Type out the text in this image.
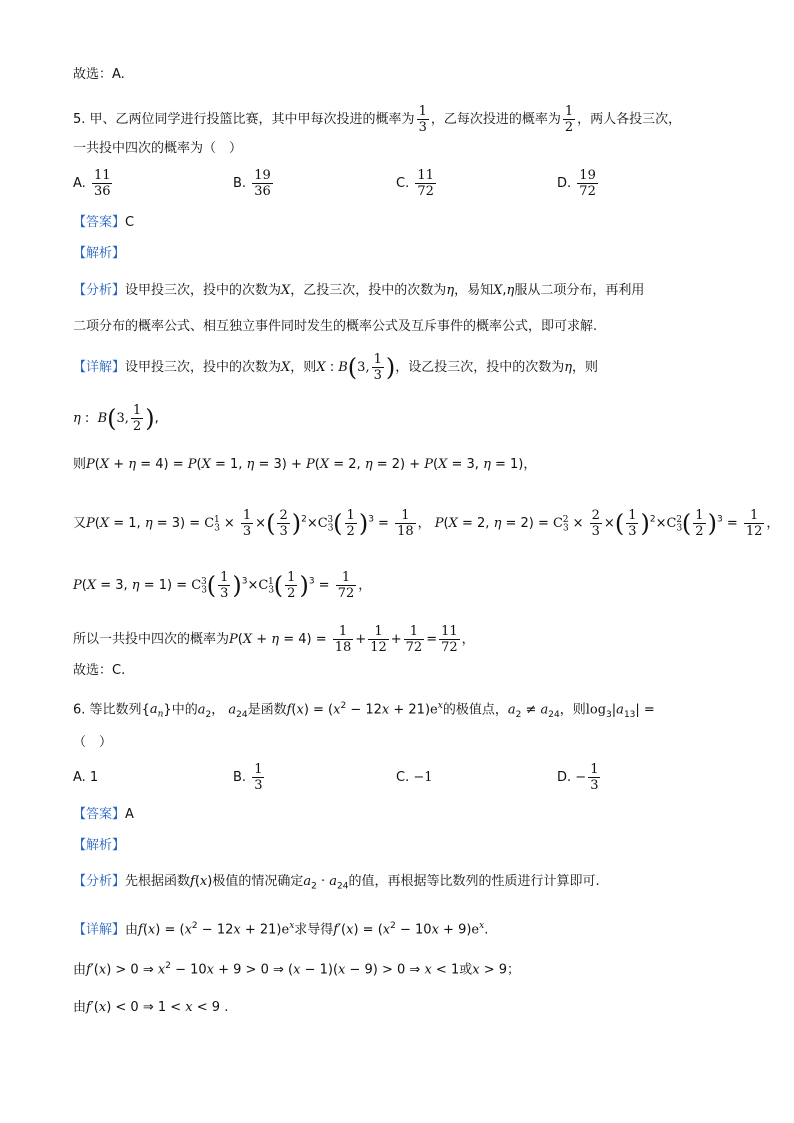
故选：A.
5. 甲、乙两位同学进行投篮比赛，其中甲每次投进的概率为 $\frac{1}{3}$ ，乙每次投进的概率为 $\frac{1}{2}$ ，两人各投三次，
一共投中四次的概率为（　）
A. $\frac{11}{36}$	B. $\frac{19}{36}$	C. $\frac{11}{72}$	D. $\frac{19}{72}$
【答案】C
【解析】
【分析】设甲投三次，投中的次数为X，乙投三次，投中的次数为η，易知X,η服从二项分布，再利用
二项分布的概率公式、相互独立事件同时发生的概率公式及互斥事件的概率公式，即可求解.
【详解】设甲投三次，投中的次数为X，则X : B(3, $\frac{1}{3}$ )，设乙投三次，投中的次数为η，则
η :  B(3, $\frac{1}{2}$ ),
则P(X + η = 4) = P(X = 1, η = 3) + P(X = 2, η = 2) + P(X = 3, η = 1)，
又P(X = 1, $\eta = 3) = C_3^1 \times \frac{1}{3}$ ×( $\frac{2}{3} )^2\times C_3^3( \frac{1}{2} )^3 = \frac{1}{18}$ ， P(X = 2, $\eta = 2) = C_3^2 \times \frac{2}{3}$ ×( $\frac{1}{3} )^2\times C_3^2( \frac{1}{2} )^3 = \frac{1}{12}$ ，
P(X = 3, $\eta = 1) = C_3^3( \frac{1}{3} )^3\times C_3^1( \frac{1}{2} )^3 = \frac{1}{72}$ ，
所以一共投中四次的概率为$P(X + \eta = 4) = \frac{1}{18} + \frac{1}{12} + \frac{1}{72} = \frac{11}{72}$ ，
故选：C.
6. 等比数列$\{a_n\}$中的$a_2$， $a_{24}$是函数$f(x) = (x^2 - 12x + 21)e^x$的极值点，$a_2 \ne a_{24}$，则$\log_3|a_{13}|$ =
（　）
A. 1	B. $\frac{1}{3}$	C. −1	D. − $\frac{1}{3}$
【答案】A
【解析】
【分析】先根据函数f(x)极值的情况确定$a_2 \cdot a_{24}$的值，再根据等比数列的性质进行计算即可.
【详解】由$f(x) = (x^2 - 12x + 21)e^x$求导得$f'(x) = (x^2 - 10x + 9)e^x$.
由f′(x) > 0 ⇒ $x^2 - 10x + 9 > 0$ ⇒ (x − 1)(x − 9) > 0 ⇒ x < 1或x > 9；
由f′(x) < 0 ⇒ 1 < x < 9 .
